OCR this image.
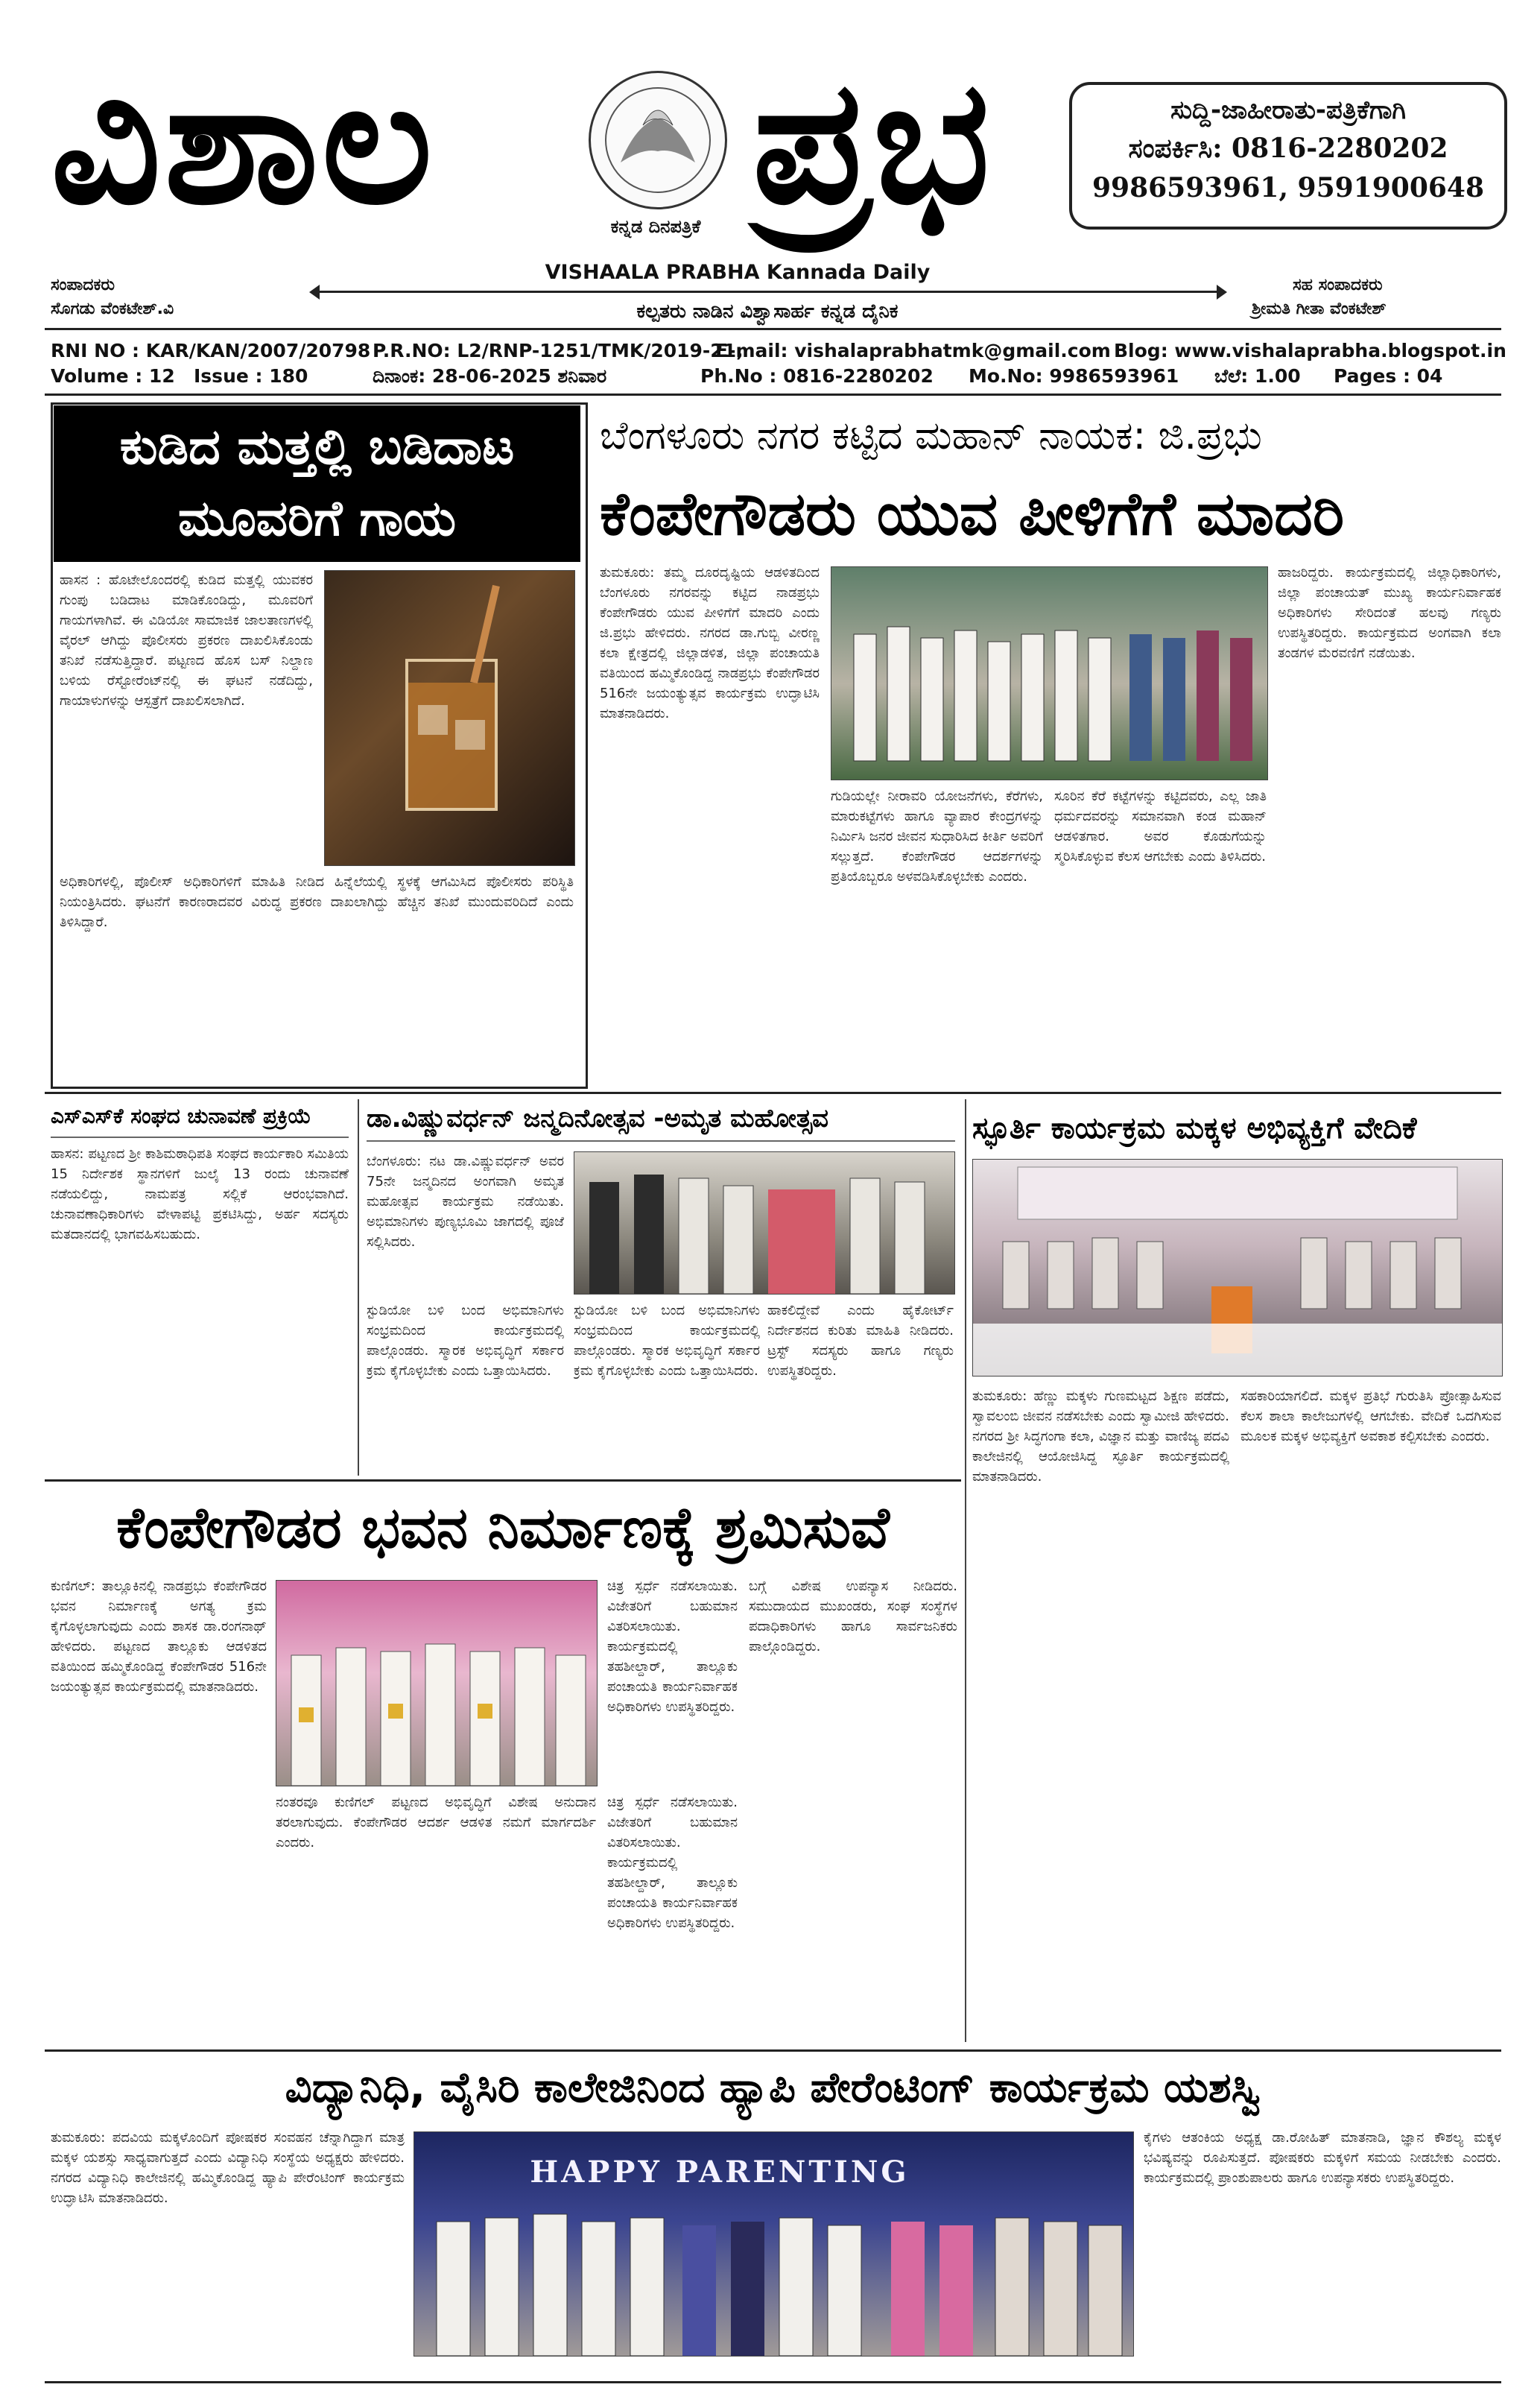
ವಿಶಾಲ	ಕನ್ನಡ ದಿನಪತ್ರಿಕೆ ಪ್ರಭ	ಸುದ್ದಿ-ಜಾಹೀರಾತು-ಪತ್ರಿಕೆಗಾಗಿ
ಸಂಪರ್ಕಿಸಿ: 0816-2280202
9986593961, 9591900648
VISHAALA PRABHA Kannada Daily
ಸಂಪಾದಕರು
ಸೊಗಡು ವೆಂಕಟೇಶ್.ವಿ	ಕಲ್ಪತರು ನಾಡಿನ ವಿಶ್ವಾಸಾರ್ಹ ಕನ್ನಡ ದೈನಿಕ
ಸಹ ಸಂಪಾದಕರು
ಶ್ರೀಮತಿ ಗೀತಾ ವೆಂಕಟೇಶ್
RNI NO : KAR/KAN/2007/20798 P.R.NO: L2/RNP-1251/TMK/2019-21,
E-mail: vishalaprabhatmk@gmail.com Blog: www.vishalaprabha.blogspot.in
Volume : 12 Issue : 180	ದಿನಾಂಕ: 28-06-2025 ಶನಿವಾರ	Ph.No : 0816-2280202 Mo.No: 9986593961 ಬೆಲೆ: 1.00 Pages : 04
ಕುಡಿದ ಮತ್ತಲ್ಲಿ ಬಡಿದಾಟ
ಮೂವರಿಗೆ ಗಾಯ
ಹಾಸನ : ಹೊಟೇಲೊಂದರಲ್ಲಿ ಕುಡಿದ ಮತ್ತಲ್ಲಿ ಯುವಕರ ಗುಂಪು ಬಡಿದಾಟ ಮಾಡಿಕೊಂಡಿದ್ದು, ಮೂವರಿಗೆ ಗಾಯಗಳಾಗಿವೆ. ಈ ವಿಡಿಯೋ ಸಾಮಾಜಿಕ ಜಾಲತಾಣಗಳಲ್ಲಿ ವೈರಲ್ ಆಗಿದ್ದು ಪೊಲೀಸರು ಪ್ರಕರಣ ದಾಖಲಿಸಿಕೊಂಡು ತನಿಖೆ ನಡೆಸುತ್ತಿದ್ದಾರೆ. ಪಟ್ಟಣದ ಹೊಸ ಬಸ್ ನಿಲ್ದಾಣ ಬಳಿಯ ರೆಸ್ಟೋರೆಂಟ್‌ನಲ್ಲಿ ಈ ಘಟನೆ ನಡೆದಿದ್ದು, ಗಾಯಾಳುಗಳನ್ನು ಆಸ್ಪತ್ರೆಗೆ ದಾಖಲಿಸಲಾಗಿದೆ.
ಅಧಿಕಾರಿಗಳಲ್ಲಿ, ಪೊಲೀಸ್ ಅಧಿಕಾರಿಗಳಿಗೆ ಮಾಹಿತಿ ನೀಡಿದ ಹಿನ್ನೆಲೆಯಲ್ಲಿ ಸ್ಥಳಕ್ಕೆ ಆಗಮಿಸಿದ ಪೊಲೀಸರು ಪರಿಸ್ಥಿತಿ ನಿಯಂತ್ರಿಸಿದರು. ಘಟನೆಗೆ ಕಾರಣರಾದವರ ವಿರುದ್ಧ ಪ್ರಕರಣ ದಾಖಲಾಗಿದ್ದು ಹೆಚ್ಚಿನ ತನಿಖೆ ಮುಂದುವರಿದಿದೆ ಎಂದು ತಿಳಿಸಿದ್ದಾರೆ.
ಬೆಂಗಳೂರು ನಗರ ಕಟ್ಟಿದ ಮಹಾನ್ ನಾಯಕ: ಜಿ.ಪ್ರಭು
ಕೆಂಪೇಗೌಡರು ಯುವ ಪೀಳಿಗೆಗೆ ಮಾದರಿ
ತುಮಕೂರು: ತಮ್ಮ ದೂರದೃಷ್ಟಿಯ ಆಡಳಿತದಿಂದ ಬೆಂಗಳೂರು ನಗರವನ್ನು ಕಟ್ಟಿದ ನಾಡಪ್ರಭು ಕೆಂಪೇಗೌಡರು ಯುವ ಪೀಳಿಗೆಗೆ ಮಾದರಿ ಎಂದು ಜಿ.ಪ್ರಭು ಹೇಳಿದರು. ನಗರದ ಡಾ.ಗುಬ್ಬಿ ವೀರಣ್ಣ ಕಲಾ ಕ್ಷೇತ್ರದಲ್ಲಿ ಜಿಲ್ಲಾಡಳಿತ, ಜಿಲ್ಲಾ ಪಂಚಾಯತಿ ವತಿಯಿಂದ ಹಮ್ಮಿಕೊಂಡಿದ್ದ ನಾಡಪ್ರಭು ಕೆಂಪೇಗೌಡರ 516ನೇ ಜಯಂತ್ಯುತ್ಸವ ಕಾರ್ಯಕ್ರಮ ಉದ್ಘಾಟಿಸಿ ಮಾತನಾಡಿದರು.
ಗುಡಿಯಲ್ಲೇ ನೀರಾವರಿ ಯೋಜನೆಗಳು, ಕೆರೆಗಳು, ಮಾರುಕಟ್ಟೆಗಳು ಹಾಗೂ ವ್ಯಾಪಾರ ಕೇಂದ್ರಗಳನ್ನು ನಿರ್ಮಿಸಿ ಜನರ ಜೀವನ ಸುಧಾರಿಸಿದ ಕೀರ್ತಿ ಅವರಿಗೆ ಸಲ್ಲುತ್ತದೆ. ಕೆಂಪೇಗೌಡರ ಆದರ್ಶಗಳನ್ನು ಪ್ರತಿಯೊಬ್ಬರೂ ಅಳವಡಿಸಿಕೊಳ್ಳಬೇಕು ಎಂದರು.
ಸೂರಿನ ಕೆರೆ ಕಟ್ಟೆಗಳನ್ನು ಕಟ್ಟಿದವರು, ಎಲ್ಲ ಜಾತಿ ಧರ್ಮದವರನ್ನು ಸಮಾನವಾಗಿ ಕಂಡ ಮಹಾನ್ ಆಡಳಿತಗಾರ. ಅವರ ಕೊಡುಗೆಯನ್ನು ಸ್ಮರಿಸಿಕೊಳ್ಳುವ ಕೆಲಸ ಆಗಬೇಕು ಎಂದು ತಿಳಿಸಿದರು.
ಹಾಜರಿದ್ದರು. ಕಾರ್ಯಕ್ರಮದಲ್ಲಿ ಜಿಲ್ಲಾಧಿಕಾರಿಗಳು, ಜಿಲ್ಲಾ ಪಂಚಾಯತ್ ಮುಖ್ಯ ಕಾರ್ಯನಿರ್ವಾಹಕ ಅಧಿಕಾರಿಗಳು ಸೇರಿದಂತೆ ಹಲವು ಗಣ್ಯರು ಉಪಸ್ಥಿತರಿದ್ದರು. ಕಾರ್ಯಕ್ರಮದ ಅಂಗವಾಗಿ ಕಲಾ ತಂಡಗಳ ಮೆರವಣಿಗೆ ನಡೆಯಿತು.
ಎಸ್‌ಎಸ್‌ಕೆ ಸಂಘದ ಚುನಾವಣೆ ಪ್ರಕ್ರಿಯೆ
ಹಾಸನ: ಪಟ್ಟಣದ ಶ್ರೀ ಕಾಶಿಮಠಾಧಿಪತಿ ಸಂಘದ ಕಾರ್ಯಕಾರಿ ಸಮಿತಿಯ 15 ನಿರ್ದೇಶಕ ಸ್ಥಾನಗಳಿಗೆ ಜುಲೈ 13 ರಂದು ಚುನಾವಣೆ ನಡೆಯಲಿದ್ದು, ನಾಮಪತ್ರ ಸಲ್ಲಿಕೆ ಆರಂಭವಾಗಿದೆ. ಚುನಾವಣಾಧಿಕಾರಿಗಳು ವೇಳಾಪಟ್ಟಿ ಪ್ರಕಟಿಸಿದ್ದು, ಅರ್ಹ ಸದಸ್ಯರು ಮತದಾನದಲ್ಲಿ ಭಾಗವಹಿಸಬಹುದು.
ಡಾ.ವಿಷ್ಣುವರ್ಧನ್ ಜನ್ಮದಿನೋತ್ಸವ -ಅಮೃತ ಮಹೋತ್ಸವ
ಬೆಂಗಳೂರು: ನಟ ಡಾ.ವಿಷ್ಣುವರ್ಧನ್ ಅವರ 75ನೇ ಜನ್ಮದಿನದ ಅಂಗವಾಗಿ ಅಮೃತ ಮಹೋತ್ಸವ ಕಾರ್ಯಕ್ರಮ ನಡೆಯಿತು. ಅಭಿಮಾನಿಗಳು ಪುಣ್ಯಭೂಮಿ ಜಾಗದಲ್ಲಿ ಪೂಜೆ ಸಲ್ಲಿಸಿದರು.
ಸ್ಟುಡಿಯೋ ಬಳಿ ಬಂದ ಅಭಿಮಾನಿಗಳು ಸಂಭ್ರಮದಿಂದ ಕಾರ್ಯಕ್ರಮದಲ್ಲಿ ಪಾಲ್ಗೊಂಡರು. ಸ್ಮಾರಕ ಅಭಿವೃದ್ಧಿಗೆ ಸರ್ಕಾರ ಕ್ರಮ ಕೈಗೊಳ್ಳಬೇಕು ಎಂದು ಒತ್ತಾಯಿಸಿದರು.
ಸ್ಟುಡಿಯೋ ಬಳಿ ಬಂದ ಅಭಿಮಾನಿಗಳು ಸಂಭ್ರಮದಿಂದ ಕಾರ್ಯಕ್ರಮದಲ್ಲಿ ಪಾಲ್ಗೊಂಡರು. ಸ್ಮಾರಕ ಅಭಿವೃದ್ಧಿಗೆ ಸರ್ಕಾರ ಕ್ರಮ ಕೈಗೊಳ್ಳಬೇಕು ಎಂದು ಒತ್ತಾಯಿಸಿದರು.
ಹಾಕಲಿದ್ದೇವೆ ಎಂದು ಹೈಕೋರ್ಟ್ ನಿರ್ದೇಶನದ ಕುರಿತು ಮಾಹಿತಿ ನೀಡಿದರು. ಟ್ರಸ್ಟ್ ಸದಸ್ಯರು ಹಾಗೂ ಗಣ್ಯರು ಉಪಸ್ಥಿತರಿದ್ದರು.
ಸ್ಫೂರ್ತಿ ಕಾರ್ಯಕ್ರಮ ಮಕ್ಕಳ ಅಭಿವ್ಯಕ್ತಿಗೆ ವೇದಿಕೆ
ತುಮಕೂರು: ಹೆಣ್ಣು ಮಕ್ಕಳು ಗುಣಮಟ್ಟದ ಶಿಕ್ಷಣ ಪಡೆದು, ಸ್ವಾವಲಂಬಿ ಜೀವನ ನಡೆಸಬೇಕು ಎಂದು ಸ್ವಾಮೀಜಿ ಹೇಳಿದರು. ನಗರದ ಶ್ರೀ ಸಿದ್ಧಗಂಗಾ ಕಲಾ, ವಿಜ್ಞಾನ ಮತ್ತು ವಾಣಿಜ್ಯ ಪದವಿ ಕಾಲೇಜಿನಲ್ಲಿ ಆಯೋಜಿಸಿದ್ದ ಸ್ಫೂರ್ತಿ ಕಾರ್ಯಕ್ರಮದಲ್ಲಿ ಮಾತನಾಡಿದರು.
ಸಹಕಾರಿಯಾಗಲಿದೆ. ಮಕ್ಕಳ ಪ್ರತಿಭೆ ಗುರುತಿಸಿ ಪ್ರೋತ್ಸಾಹಿಸುವ ಕೆಲಸ ಶಾಲಾ ಕಾಲೇಜುಗಳಲ್ಲಿ ಆಗಬೇಕು. ವೇದಿಕೆ ಒದಗಿಸುವ ಮೂಲಕ ಮಕ್ಕಳ ಅಭಿವ್ಯಕ್ತಿಗೆ ಅವಕಾಶ ಕಲ್ಪಿಸಬೇಕು ಎಂದರು.
ಕೆಂಪೇಗೌಡರ ಭವನ ನಿರ್ಮಾಣಕ್ಕೆ ಶ್ರಮಿಸುವೆ
ಕುಣಿಗಲ್: ತಾಲ್ಲೂಕಿನಲ್ಲಿ ನಾಡಪ್ರಭು ಕೆಂಪೇಗೌಡರ ಭವನ ನಿರ್ಮಾಣಕ್ಕೆ ಅಗತ್ಯ ಕ್ರಮ ಕೈಗೊಳ್ಳಲಾಗುವುದು ಎಂದು ಶಾಸಕ ಡಾ.ರಂಗನಾಥ್ ಹೇಳಿದರು. ಪಟ್ಟಣದ ತಾಲ್ಲೂಕು ಆಡಳಿತದ ವತಿಯಿಂದ ಹಮ್ಮಿಕೊಂಡಿದ್ದ ಕೆಂಪೇಗೌಡರ 516ನೇ ಜಯಂತ್ಯುತ್ಸವ ಕಾರ್ಯಕ್ರಮದಲ್ಲಿ ಮಾತನಾಡಿದರು.
ನಂತರವೂ ಕುಣಿಗಲ್ ಪಟ್ಟಣದ ಅಭಿವೃದ್ಧಿಗೆ ವಿಶೇಷ ಅನುದಾನ ತರಲಾಗುವುದು. ಕೆಂಪೇಗೌಡರ ಆದರ್ಶ ಆಡಳಿತ ನಮಗೆ ಮಾರ್ಗದರ್ಶಿ ಎಂದರು.
ಚಿತ್ರ ಸ್ಪರ್ಧೆ ನಡೆಸಲಾಯಿತು. ವಿಜೇತರಿಗೆ ಬಹುಮಾನ ವಿತರಿಸಲಾಯಿತು. ಕಾರ್ಯಕ್ರಮದಲ್ಲಿ ತಹಶೀಲ್ದಾರ್, ತಾಲ್ಲೂಕು ಪಂಚಾಯತಿ ಕಾರ್ಯನಿರ್ವಾಹಕ ಅಧಿಕಾರಿಗಳು ಉಪಸ್ಥಿತರಿದ್ದರು.
ಚಿತ್ರ ಸ್ಪರ್ಧೆ ನಡೆಸಲಾಯಿತು. ವಿಜೇತರಿಗೆ ಬಹುಮಾನ ವಿತರಿಸಲಾಯಿತು. ಕಾರ್ಯಕ್ರಮದಲ್ಲಿ ತಹಶೀಲ್ದಾರ್, ತಾಲ್ಲೂಕು ಪಂಚಾಯತಿ ಕಾರ್ಯನಿರ್ವಾಹಕ ಅಧಿಕಾರಿಗಳು ಉಪಸ್ಥಿತರಿದ್ದರು.
ಬಗ್ಗೆ ವಿಶೇಷ ಉಪನ್ಯಾಸ ನೀಡಿದರು. ಸಮುದಾಯದ ಮುಖಂಡರು, ಸಂಘ ಸಂಸ್ಥೆಗಳ ಪದಾಧಿಕಾರಿಗಳು ಹಾಗೂ ಸಾರ್ವಜನಿಕರು ಪಾಲ್ಗೊಂಡಿದ್ದರು.
ವಿದ್ಯಾನಿಧಿ, ವೈಸಿರಿ ಕಾಲೇಜಿನಿಂದ ಹ್ಯಾಪಿ ಪೇರೆಂಟಿಂಗ್ ಕಾರ್ಯಕ್ರಮ ಯಶಸ್ವಿ
ತುಮಕೂರು: ಪದವಿಯ ಮಕ್ಕಳೊಂದಿಗೆ ಪೋಷಕರ ಸಂವಹನ ಚೆನ್ನಾಗಿದ್ದಾಗ ಮಾತ್ರ ಮಕ್ಕಳ ಯಶಸ್ಸು ಸಾಧ್ಯವಾಗುತ್ತದೆ ಎಂದು ವಿದ್ಯಾನಿಧಿ ಸಂಸ್ಥೆಯ ಅಧ್ಯಕ್ಷರು ಹೇಳಿದರು. ನಗರದ ವಿದ್ಯಾನಿಧಿ ಕಾಲೇಜಿನಲ್ಲಿ ಹಮ್ಮಿಕೊಂಡಿದ್ದ ಹ್ಯಾಪಿ ಪೇರೆಂಟಿಂಗ್ ಕಾರ್ಯಕ್ರಮ ಉದ್ಘಾಟಿಸಿ ಮಾತನಾಡಿದರು.
HAPPY PARENTING
ಕೈಗಳು ಆತಂಕಿಯ ಅಧ್ಯಕ್ಷ ಡಾ.ರೋಹಿತ್ ಮಾತನಾಡಿ, ಜ್ಞಾನ ಕೌಶಲ್ಯ ಮಕ್ಕಳ ಭವಿಷ್ಯವನ್ನು ರೂಪಿಸುತ್ತದೆ. ಪೋಷಕರು ಮಕ್ಕಳಿಗೆ ಸಮಯ ನೀಡಬೇಕು ಎಂದರು. ಕಾರ್ಯಕ್ರಮದಲ್ಲಿ ಪ್ರಾಂಶುಪಾಲರು ಹಾಗೂ ಉಪನ್ಯಾಸಕರು ಉಪಸ್ಥಿತರಿದ್ದರು.
